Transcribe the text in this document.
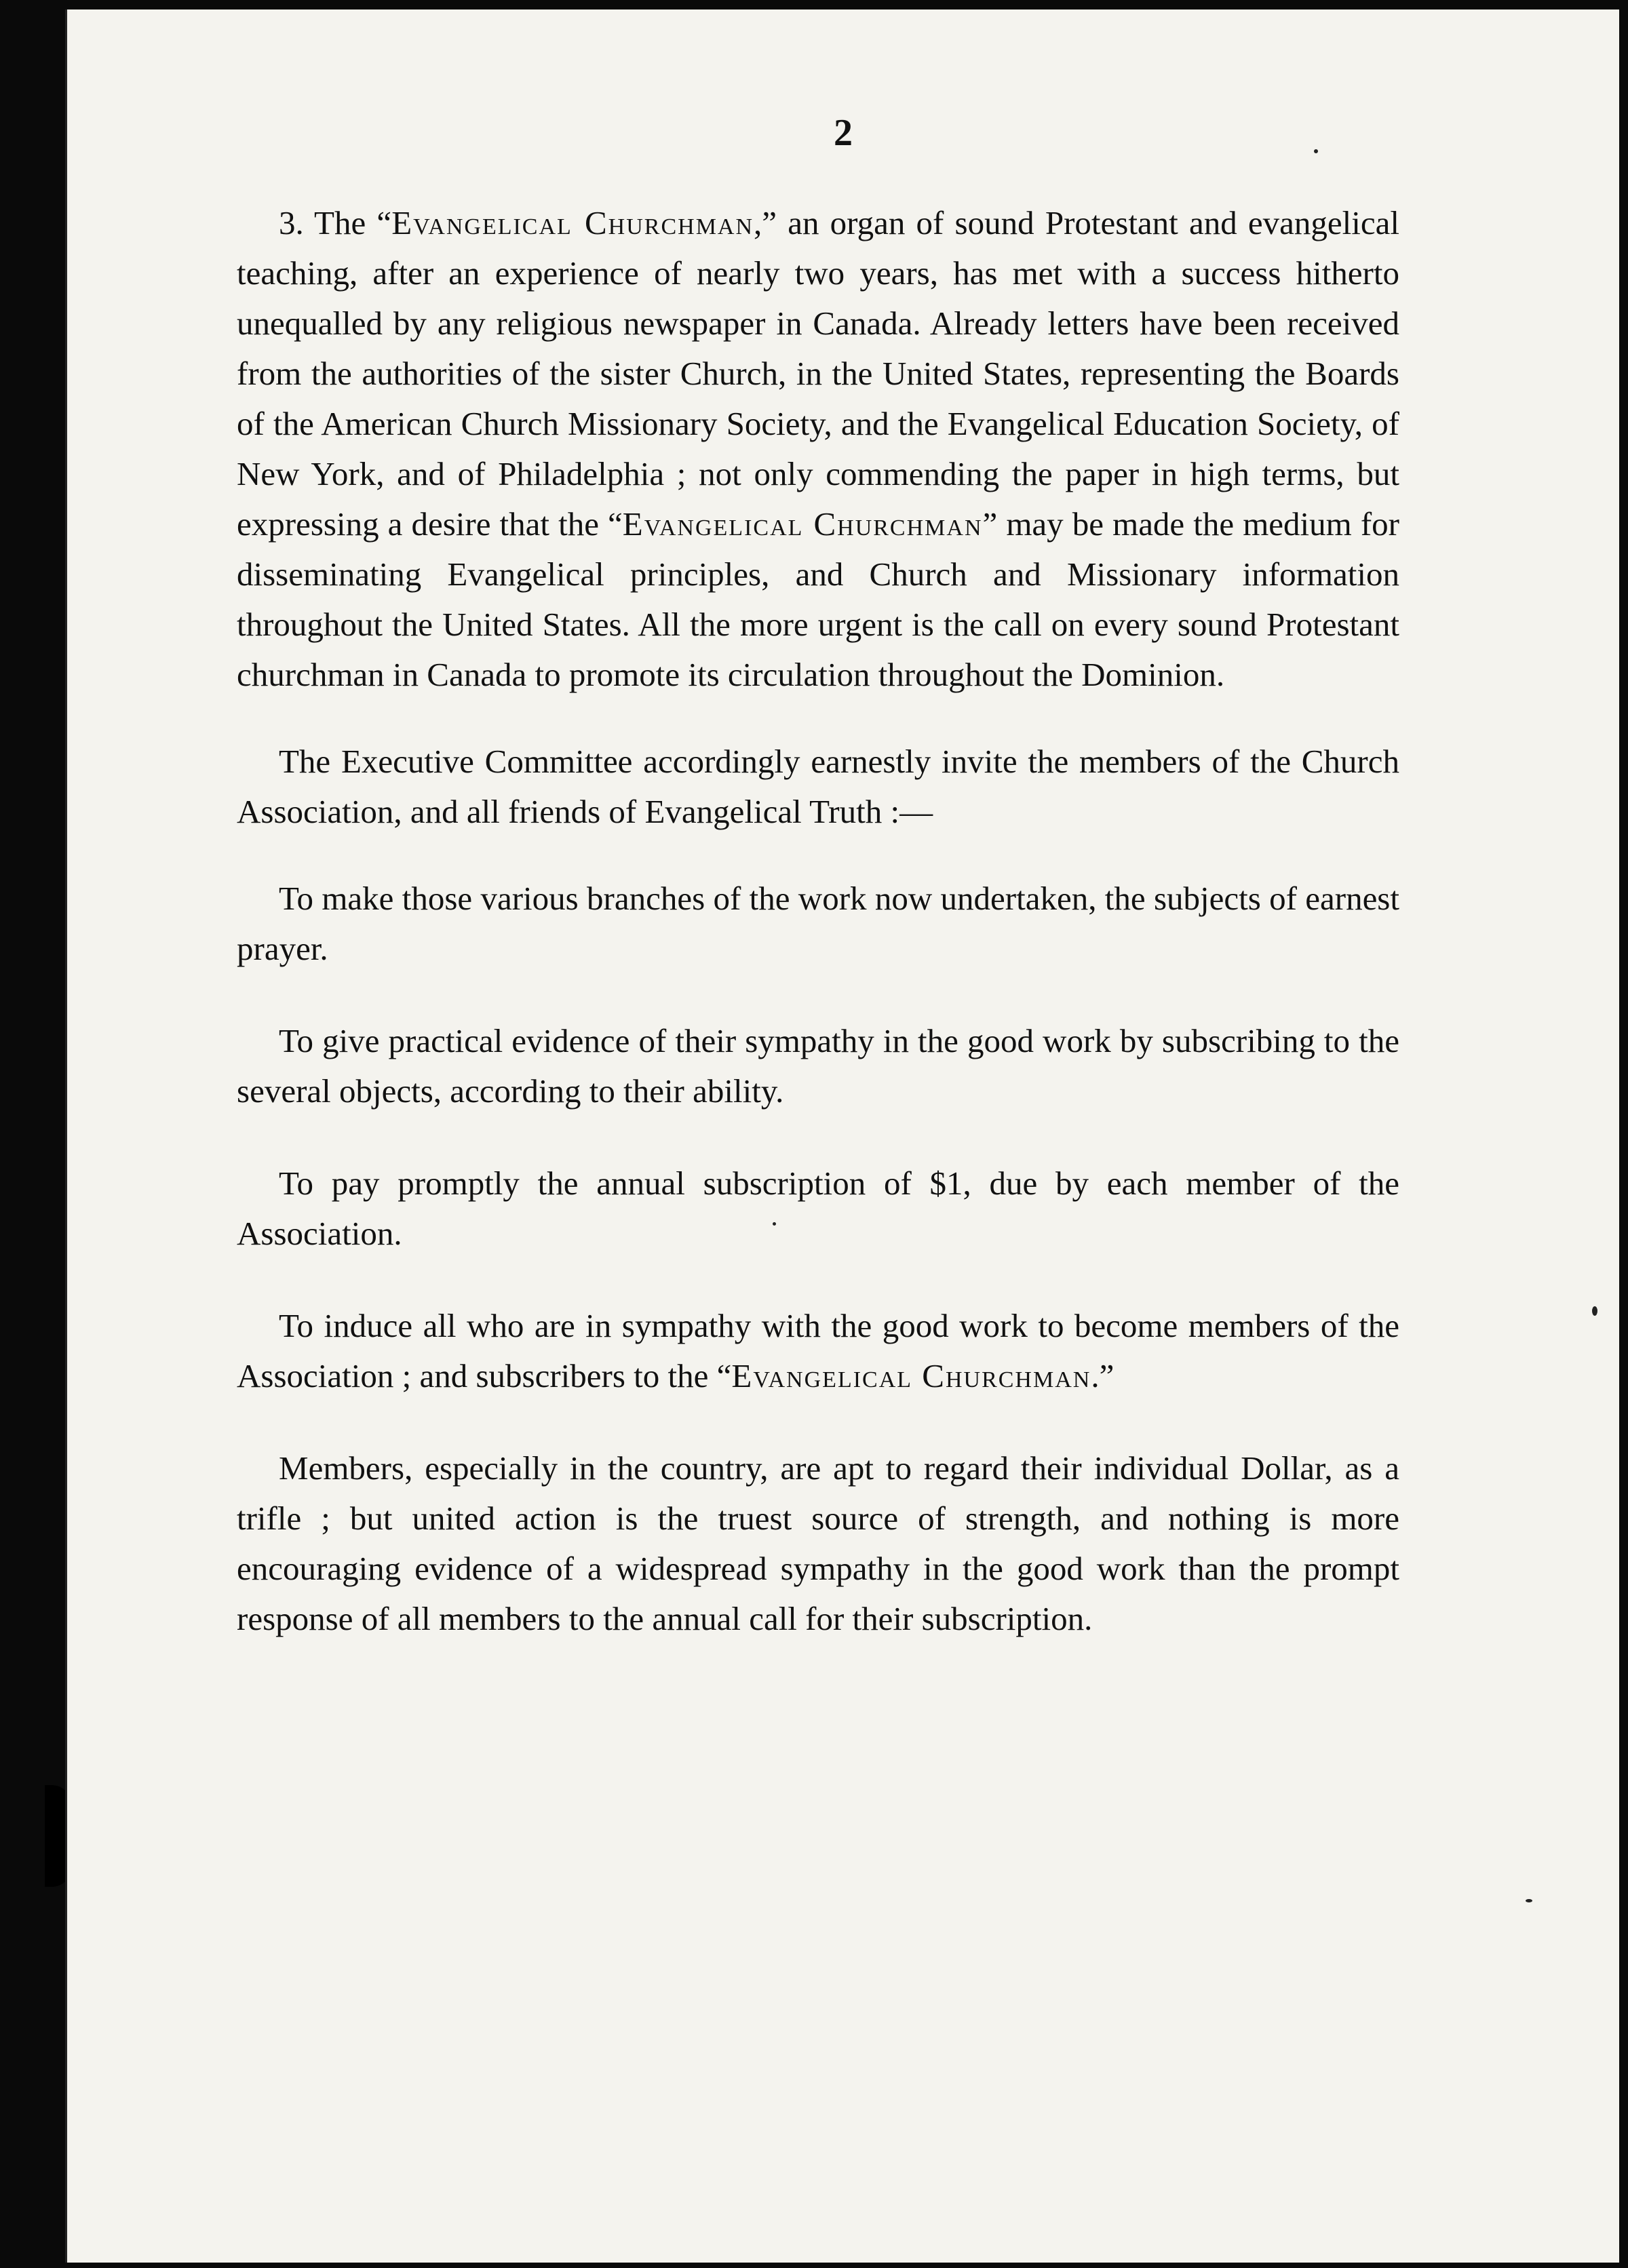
2

3. The “Evangelical Churchman,” an organ of sound Protestant and evangelical teaching, after an experience of nearly two years, has met with a success hitherto unequalled by any religious newspaper in Canada. Already letters have been received from the authorities of the sister Church, in the United States, representing the Boards of the American Church Missionary Society, and the Evangelical Education Society, of New York, and of Philadelphia ; not only commending the paper in high terms, but expressing a desire that the “Evangelical Churchman” may be made the medium for disseminating Evangelical principles, and Church and Missionary information throughout the United States. All the more urgent is the call on every sound Protestant churchman in Canada to promote its circulation throughout the Dominion.

The Executive Committee accordingly earnestly invite the members of the Church Association, and all friends of Evangelical Truth :—

To make those various branches of the work now undertaken, the subjects of earnest prayer.

To give practical evidence of their sympathy in the good work by subscribing to the several objects, according to their ability.

To pay promptly the annual subscription of $1, due by each member of the Association.

To induce all who are in sympathy with the good work to become members of the Association ; and subscribers to the “Evangelical Churchman.”

Members, especially in the country, are apt to regard their individual Dollar, as a trifle ; but united action is the truest source of strength, and nothing is more encouraging evidence of a widespread sympathy in the good work than the prompt response of all members to the annual call for their subscription.
